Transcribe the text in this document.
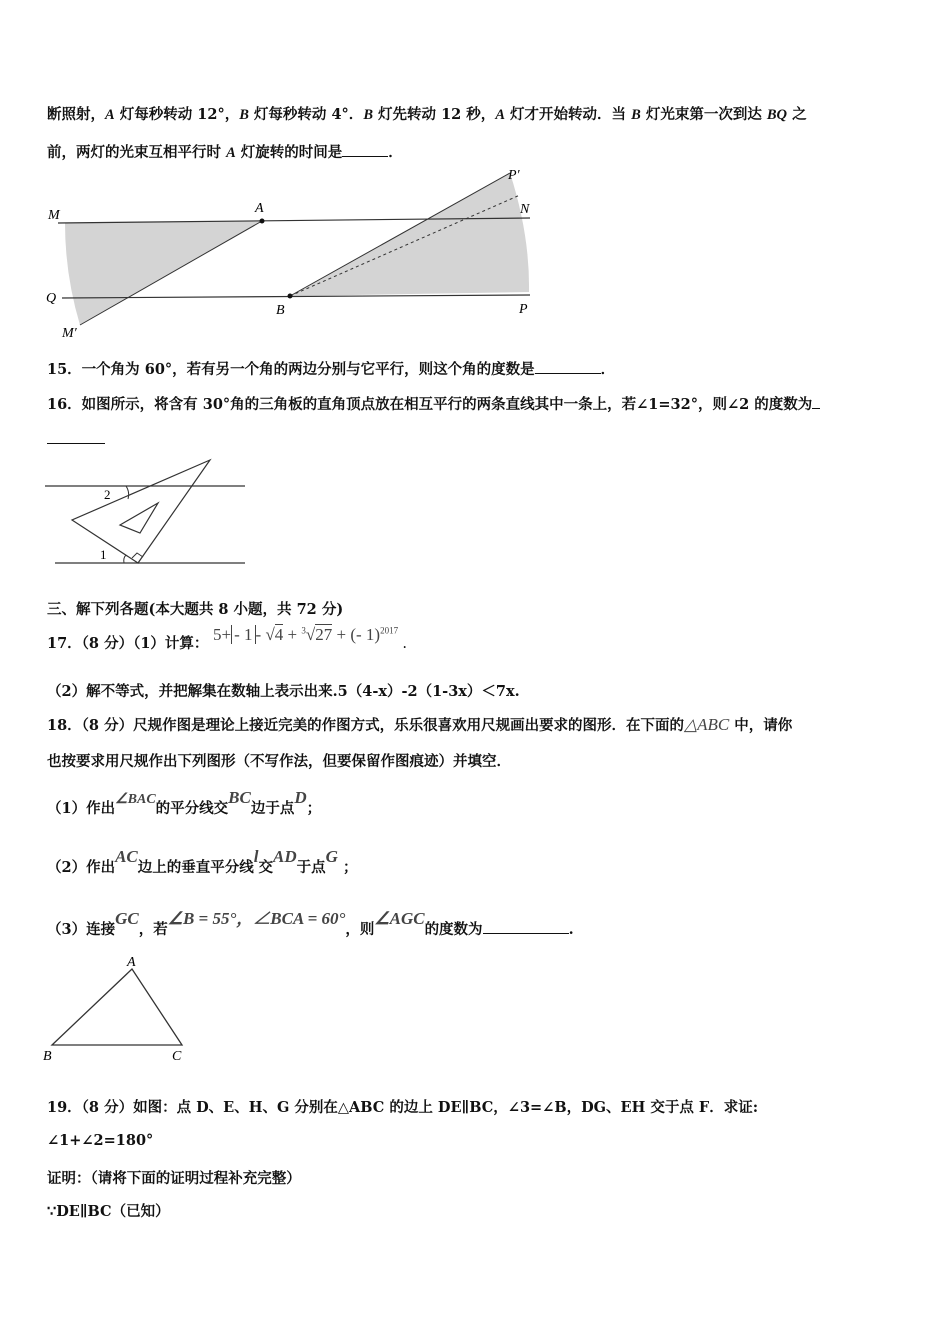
断照射，A 灯每秒转动 12°，B 灯每秒转动 4°．B 灯先转动 12 秒，A 灯才开始转动．当 B 灯光束第一次到达 BQ 之
前，两灯的光束互相平行时 A 灯旋转的时间是	．
M	A	N
P′
Q
B	P
M′
15．一个角为 60°，若有另一个角的两边分别与它平行，则这个角的度数是	．
16．如图所示，将含有 30°角的三角板的直角顶点放在相互平行的两条直线其中一条上，若∠1=32°，则∠2 的度数为
2
1
三、解下列各题(本大题共 8 小题，共 72 分)
17．（8 分）（1）计算： 5+ - 1 - √4 + $^3$√27 + (- 1)$^{2017}$ .
（2）解不等式，并把解集在数轴上表示出来.5（4-x）-2（1-3x）＜7x.
18．（8 分）尺规作图是理论上接近完美的作图方式，乐乐很喜欢用尺规画出要求的图形．在下面的△ABC 中，请你
也按要求用尺规作出下列图形（不写作法，但要保留作图痕迹）并填空．
（1）作出∠BAC的平分线交BC边于点D；
（2）作出AC边上的垂直平分线l交AD于点G ；
（3）连接GC，若∠B = 55°，∠BCA = 60°，则∠AGC的度数为	.
A
B	C
19．（8 分）如图：点 D、E、H、G 分别在△ABC 的边上 DE∥BC，∠3=∠B，DG、EH 交于点 F．求证:
∠1+∠2=180°
证明：（请将下面的证明过程补充完整）
∵DE∥BC（已知）
